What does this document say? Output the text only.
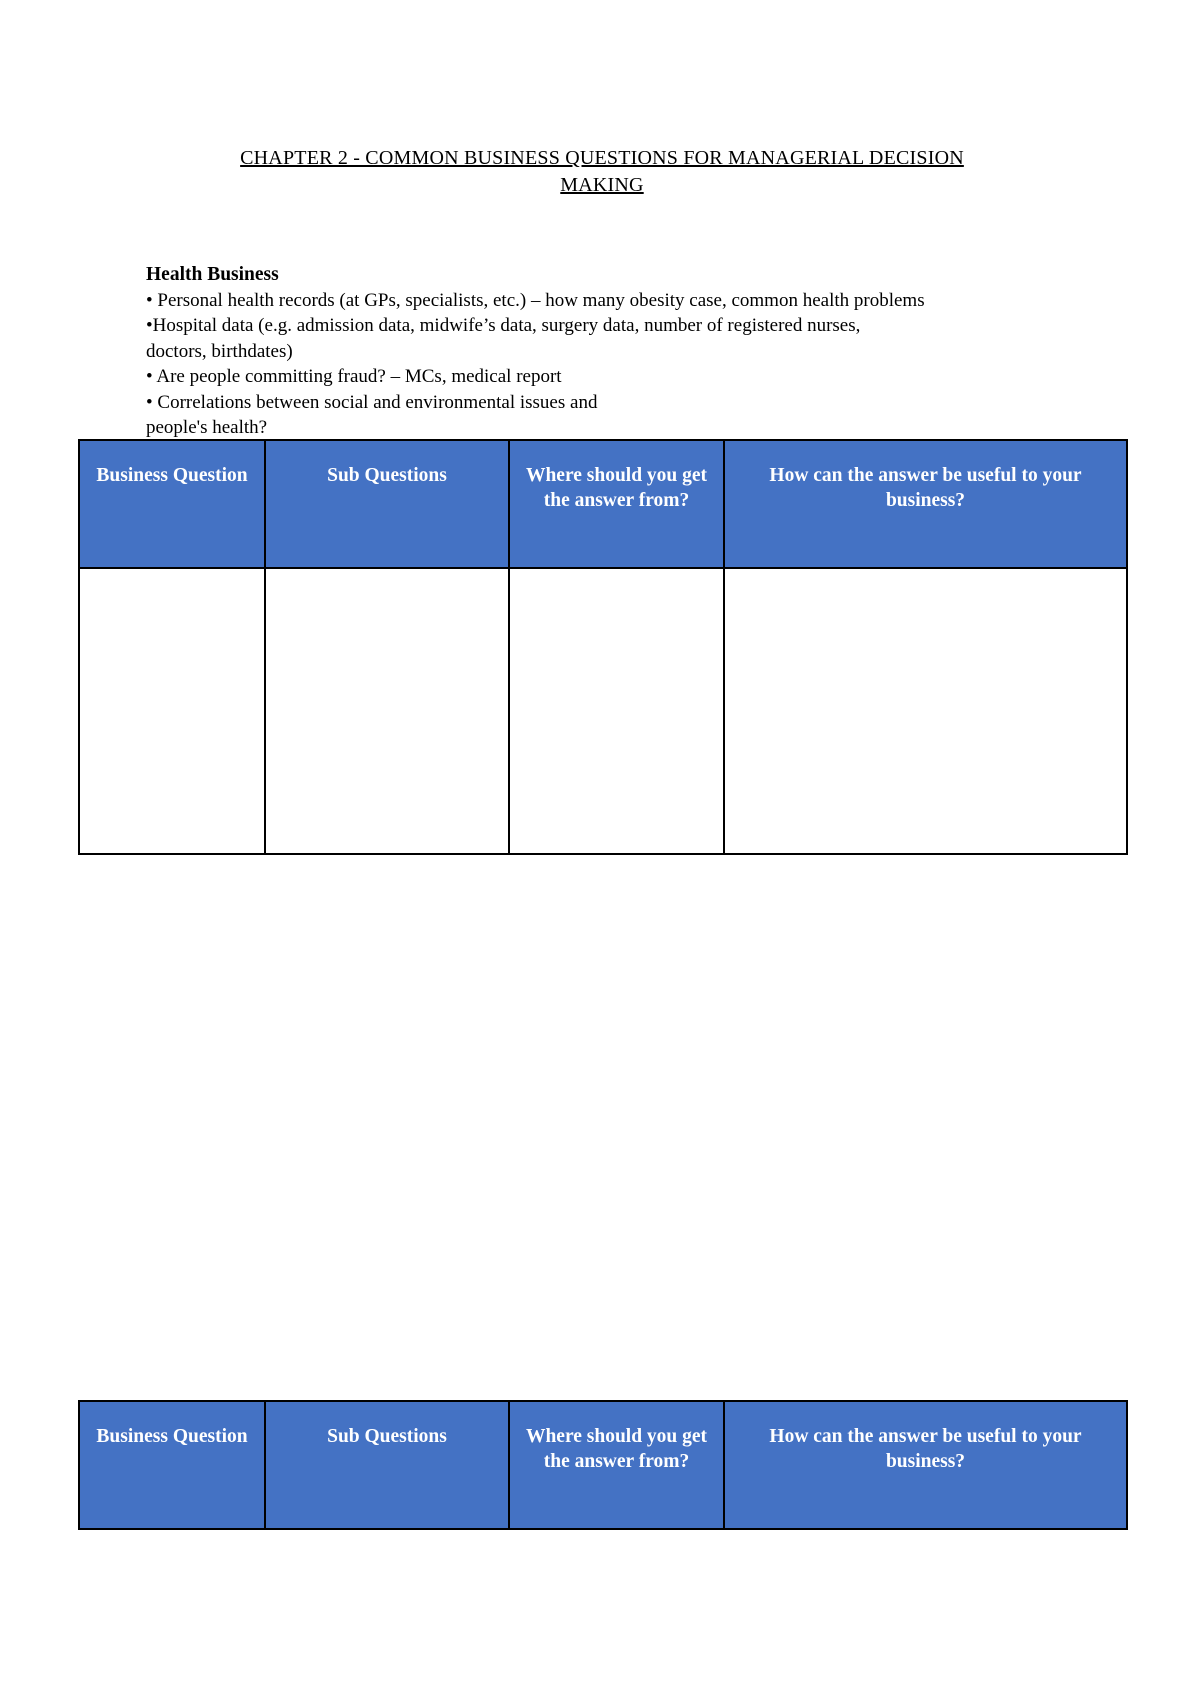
CHAPTER 2 - COMMON BUSINESS QUESTIONS FOR MANAGERIAL DECISION
MAKING
Health Business
• Personal health records (at GPs, specialists, etc.) – how many obesity case, common health problems
•Hospital data (e.g. admission data, midwife’s data, surgery data, number of registered nurses,
doctors, birthdates)
• Are people committing fraud? – MCs, medical report
• Correlations between social and environmental issues and
people's health?
Business Question	Sub Questions	Where should you get the answer from?	How can the answer be useful to your business?

Business Question	Sub Questions	Where should you get the answer from?	How can the answer be useful to your business?
